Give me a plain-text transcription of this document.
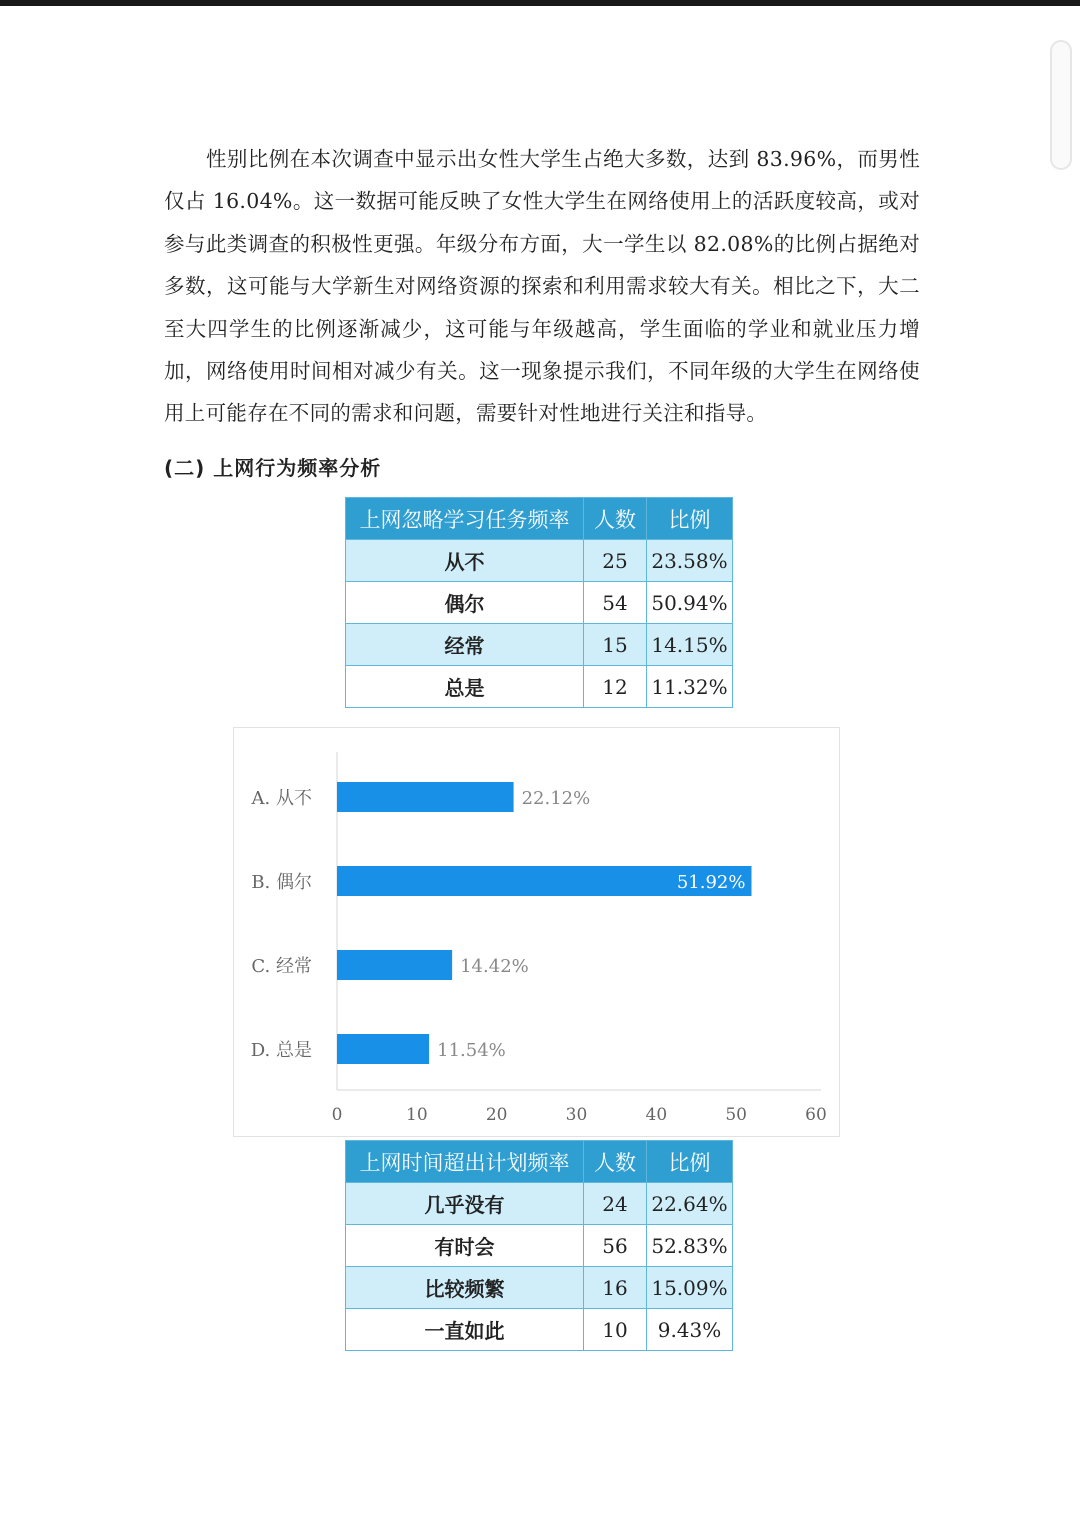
性别比例在本次调查中显示出女性大学生占绝大多数，达到 83.96%，而男性仅占 16.04%。这一数据可能反映了女性大学生在网络使用上的活跃度较高，或对参与此类调查的积极性更强。年级分布方面，大一学生以 82.08%的比例占据绝对多数，这可能与大学新生对网络资源的探索和利用需求较大有关。相比之下，大二至大四学生的比例逐渐减少，这可能与年级越高，学生面临的学业和就业压力增加，网络使用时间相对减少有关。这一现象提示我们，不同年级的大学生在网络使用上可能存在不同的需求和问题，需要针对性地进行关注和指导。

(二) 上网行为频率分析
上网忽略学习任务频率	人数	比例
从不	25	23.58%
偶尔	54	50.94%
经常	15	14.15%
总是	12	11.32%
A. 从不	22.12%
B. 偶尔	51.92%
C. 经常	14.42%
D. 总是	11.54%
0	10	20	30	40	50	60
上网时间超出计划频率	人数	比例
几乎没有	24	22.64%
有时会	56	52.83%
比较频繁	16	15.09%
一直如此	10	9.43%
